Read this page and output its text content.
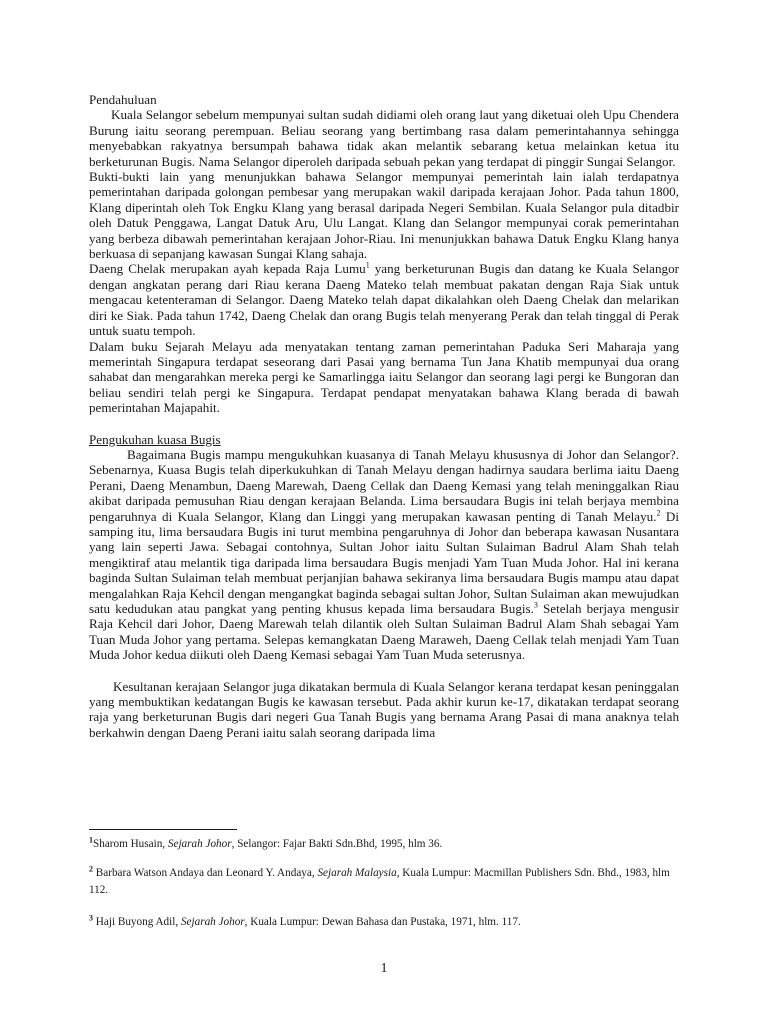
Pendahuluan

Kuala Selangor sebelum mempunyai sultan sudah didiami oleh orang laut yang diketuai oleh Upu Chendera Burung iaitu seorang perempuan. Beliau seorang yang bertimbang rasa dalam pemerintahannya sehingga menyebabkan rakyatnya bersumpah bahawa tidak akan melantik sebarang ketua melainkan ketua itu berketurunan Bugis. Nama Selangor diperoleh daripada sebuah pekan yang terdapat di pinggir Sungai Selangor.

Bukti-bukti lain yang menunjukkan bahawa Selangor mempunyai pemerintah lain ialah terdapatnya pemerintahan daripada golongan pembesar yang merupakan wakil daripada kerajaan Johor. Pada tahun 1800, Klang diperintah oleh Tok Engku Klang yang berasal daripada Negeri Sembilan. Kuala Selangor pula ditadbir oleh Datuk Penggawa, Langat Datuk Aru, Ulu Langat. Klang dan Selangor mempunyai corak pemerintahan yang berbeza dibawah pemerintahan kerajaan Johor-Riau. Ini menunjukkan bahawa Datuk Engku Klang hanya berkuasa di sepanjang kawasan Sungai Klang sahaja.

Daeng Chelak merupakan ayah kepada Raja Lumu$^1$ yang berketurunan Bugis dan datang ke Kuala Selangor dengan angkatan perang dari Riau kerana Daeng Mateko telah membuat pakatan dengan Raja Siak untuk mengacau ketenteraman di Selangor. Daeng Mateko telah dapat dikalahkan oleh Daeng Chelak dan melarikan diri ke Siak. Pada tahun 1742, Daeng Chelak dan orang Bugis telah menyerang Perak dan telah tinggal di Perak untuk suatu tempoh.

Dalam buku Sejarah Melayu ada menyatakan tentang zaman pemerintahan Paduka Seri Maharaja yang memerintah Singapura terdapat seseorang dari Pasai yang bernama Tun Jana Khatib mempunyai dua orang sahabat dan mengarahkan mereka pergi ke Samarlingga iaitu Selangor dan seorang lagi pergi ke Bungoran dan beliau sendiri telah pergi ke Singapura. Terdapat pendapat menyatakan bahawa Klang berada di bawah pemerintahan Majapahit.

Pengukuhan kuasa Bugis

Bagaimana Bugis mampu mengukuhkan kuasanya di Tanah Melayu khususnya di Johor dan Selangor?. Sebenarnya, Kuasa Bugis telah diperkukuhkan di Tanah Melayu dengan hadirnya saudara berlima iaitu Daeng Perani, Daeng Menambun, Daeng Marewah, Daeng Cellak dan Daeng Kemasi yang telah meninggalkan Riau akibat daripada pemusuhan Riau dengan kerajaan Belanda. Lima bersaudara Bugis ini telah berjaya membina pengaruhnya di Kuala Selangor, Klang dan Linggi yang merupakan kawasan penting di Tanah Melayu.$^2$ Di samping itu, lima bersaudara Bugis ini turut membina pengaruhnya di Johor dan beberapa kawasan Nusantara yang lain seperti Jawa. Sebagai contohnya, Sultan Johor iaitu Sultan Sulaiman Badrul Alam Shah telah mengiktiraf atau melantik tiga daripada lima bersaudara Bugis menjadi Yam Tuan Muda Johor. Hal ini kerana baginda Sultan Sulaiman telah membuat perjanjian bahawa sekiranya lima bersaudara Bugis mampu atau dapat mengalahkan Raja Kehcil dengan mengangkat baginda sebagai sultan Johor, Sultan Sulaiman akan mewujudkan satu kedudukan atau pangkat yang penting khusus kepada lima bersaudara Bugis.$^3$ Setelah berjaya mengusir Raja Kehcil dari Johor, Daeng Marewah telah dilantik oleh Sultan Sulaiman Badrul Alam Shah sebagai Yam Tuan Muda Johor yang pertama. Selepas kemangkatan Daeng Maraweh, Daeng Cellak telah menjadi Yam Tuan Muda Johor kedua diikuti oleh Daeng Kemasi sebagai Yam Tuan Muda seterusnya.

Kesultanan kerajaan Selangor juga dikatakan bermula di Kuala Selangor kerana terdapat kesan peninggalan yang membuktikan kedatangan Bugis ke kawasan tersebut. Pada akhir kurun ke-17, dikatakan terdapat seorang raja yang berketurunan Bugis dari negeri Gua Tanah Bugis yang bernama Arang Pasai di mana anaknya telah berkahwin dengan Daeng Perani iaitu salah seorang daripada lima

$^1$Sharom Husain, Sejarah Johor, Selangor: Fajar Bakti Sdn.Bhd, 1995, hlm 36.
$^2$ Barbara Watson Andaya dan Leonard Y. Andaya, Sejarah Malaysia, Kuala Lumpur: Macmillan Publishers Sdn. Bhd., 1983, hlm 112.
$^3$ Haji Buyong Adil, Sejarah Johor, Kuala Lumpur: Dewan Bahasa dan Pustaka, 1971, hlm. 117.
1
